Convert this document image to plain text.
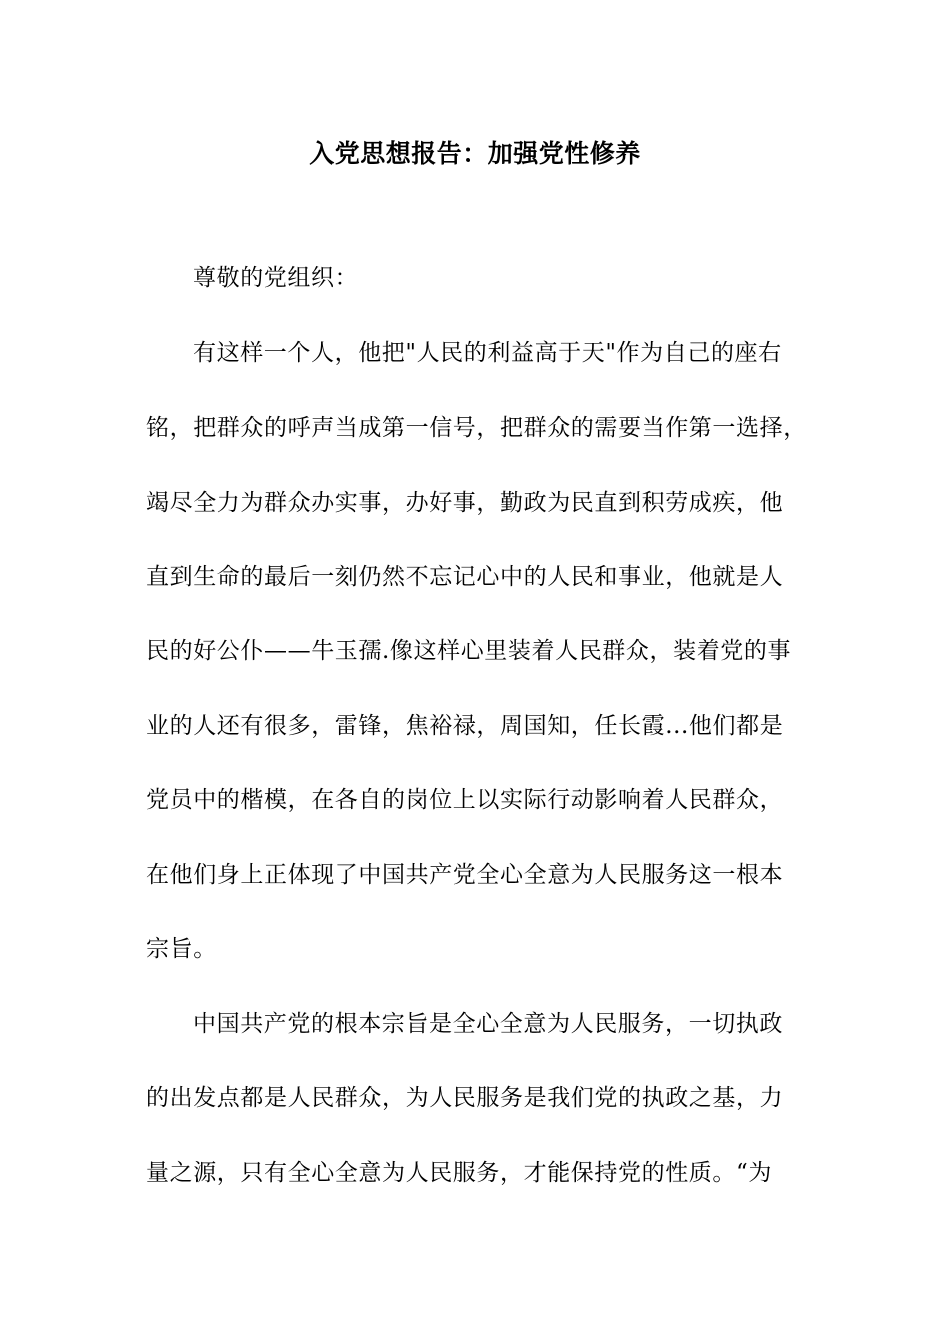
入党思想报告：加强党性修养
尊敬的党组织：
有这样一个人，他把"人民的利益高于天"作为自己的座右
铭，把群众的呼声当成第一信号，把群众的需要当作第一选择，
竭尽全力为群众办实事，办好事，勤政为民直到积劳成疾，他
直到生命的最后一刻仍然不忘记心中的人民和事业，他就是人
民的好公仆——牛玉孺.像这样心里装着人民群众，装着党的事
业的人还有很多，雷锋，焦裕禄，周国知，任长霞...他们都是
党员中的楷模，在各自的岗位上以实际行动影响着人民群众，
在他们身上正体现了中国共产党全心全意为人民服务这一根本
宗旨。
中国共产党的根本宗旨是全心全意为人民服务，一切执政
的出发点都是人民群众，为人民服务是我们党的执政之基，力
量之源，只有全心全意为人民服务，才能保持党的性质。“为
